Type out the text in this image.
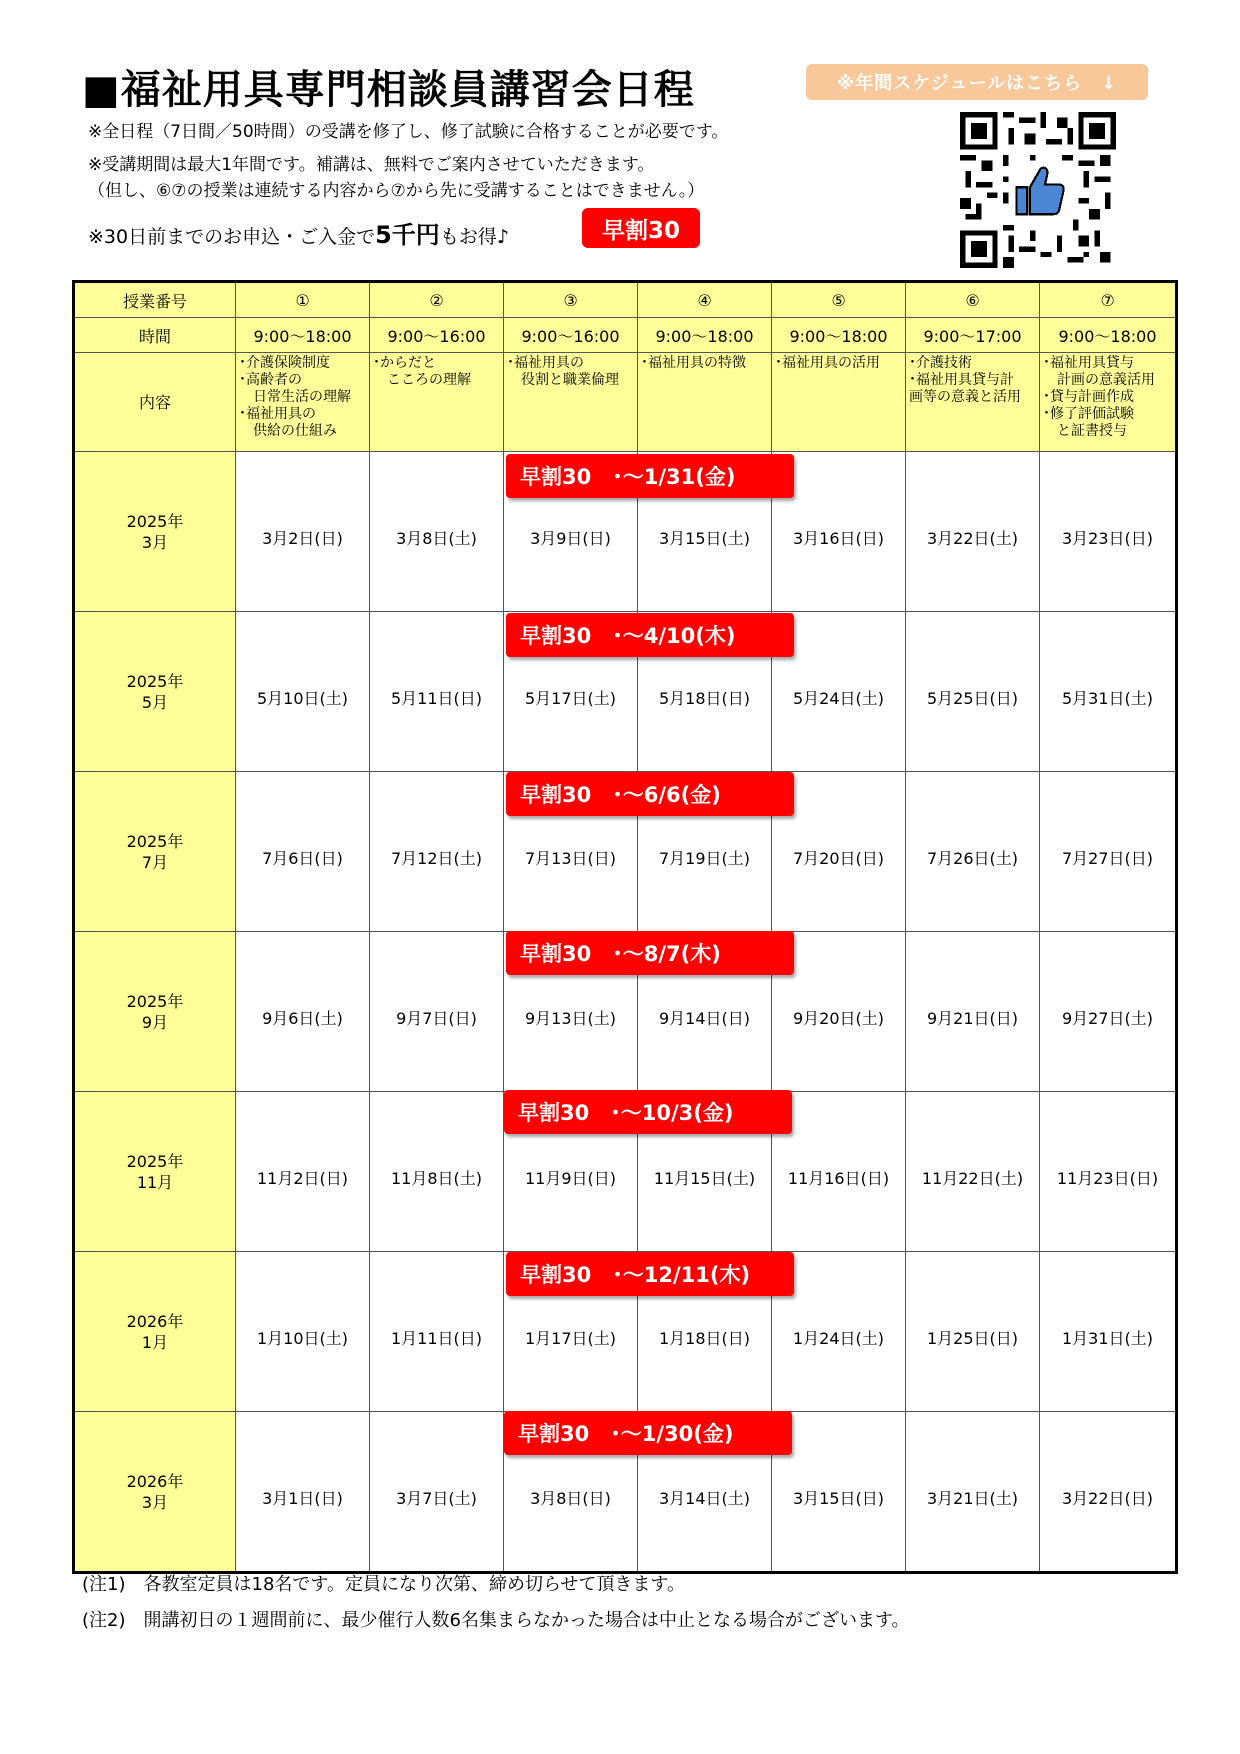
■福祉用具専門相談員講習会日程	※年間スケジュールはこちら　↓
※全日程（7日間／50時間）の受講を修了し、修了試験に合格することが必要です。
※受講期間は最大1年間です。補講は、無料でご案内させていただきます。
（但し、⑥⑦の授業は連続する内容から⑦から先に受講することはできません。）
※30日前までのお申込・ご入金で5千円もお得♪	早割30
授業番号	①	②	③	④	⑤	⑥	⑦
時間	9:00～18:00	9:00～16:00	9:00～16:00	9:00～18:00	9:00～18:00	9:00～17:00	9:00～18:00
内容	･介護保険制度
･高齢者の
　日常生活の理解
･福祉用具の
　供給の仕組み	･からだと
　こころの理解	･福祉用具の
　役割と職業倫理	･福祉用具の特徴	･福祉用具の活用	･介護技術
･福祉用具貸与計
画等の意義と活用	･福祉用具貸与
　計画の意義活用
･貸与計画作成
･修了評価試験
　と証書授与

2025年
3月	3月2日(日)	3月8日(土)	3月9日(日)	3月15日(土)	3月16日(日)	3月22日(土)	3月23日(日)
2025年
5月	5月10日(土)	5月11日(日)	5月17日(土)	5月18日(日)	5月24日(土)	5月25日(日)	5月31日(土)
2025年
7月	7月6日(日)	7月12日(土)	7月13日(日)	7月19日(土)	7月20日(日)	7月26日(土)	7月27日(日)
2025年
9月	9月6日(土)	9月7日(日)	9月13日(土)	9月14日(日)	9月20日(土)	9月21日(日)	9月27日(土)
2025年
11月	11月2日(日)	11月8日(土)	11月9日(日)	11月15日(土)	11月16日(日)	11月22日(土)	11月23日(日)
2026年
1月	1月10日(土)	1月11日(日)	1月17日(土)	1月18日(日)	1月24日(土)	1月25日(日)	1月31日(土)
2026年
3月	3月1日(日)	3月7日(土)	3月8日(日)	3月14日(土)	3月15日(日)	3月21日(土)	3月22日(日)
早割30　･～1/31(金)
早割30　･～4/10(木)
早割30　･～6/6(金)
早割30　･～8/7(木)
早割30　･～10/3(金)
早割30　･～12/11(木)
早割30　･～1/30(金)
(注1)　各教室定員は18名です。定員になり次第、締め切らせて頂きます。
(注2)　開講初日の１週間前に、最少催行人数6名集まらなかった場合は中止となる場合がございます。
